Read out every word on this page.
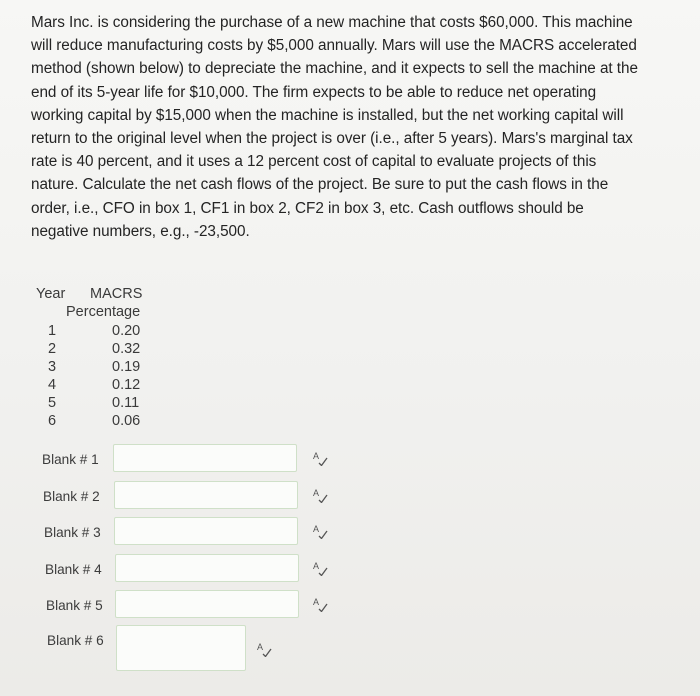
Mars Inc. is considering the purchase of a new machine that costs $60,000. This machine will reduce manufacturing costs by $5,000 annually. Mars will use the MACRS accelerated method (shown below) to depreciate the machine, and it expects to sell the machine at the end of its 5-year life for $10,000. The firm expects to be able to reduce net operating working capital by $15,000 when the machine is installed, but the net working capital will return to the original level when the project is over (i.e., after 5 years). Mars's marginal tax rate is 40 percent, and it uses a 12 percent cost of capital to evaluate projects of this nature. Calculate the net cash flows of the project. Be sure to put the cash flows in the order, i.e., CFO in box 1, CF1 in box 2, CF2 in box 3, etc. Cash outflows should be negative numbers, e.g., -23,500.
Year MACRS
Percentage
1	0.20
2	0.32
3	0.19
4	0.12
5	0.11
6	0.06
Blank # 1	A
Blank # 2	A
Blank # 3	A
Blank # 4	A
Blank # 5	A
Blank # 6	A
